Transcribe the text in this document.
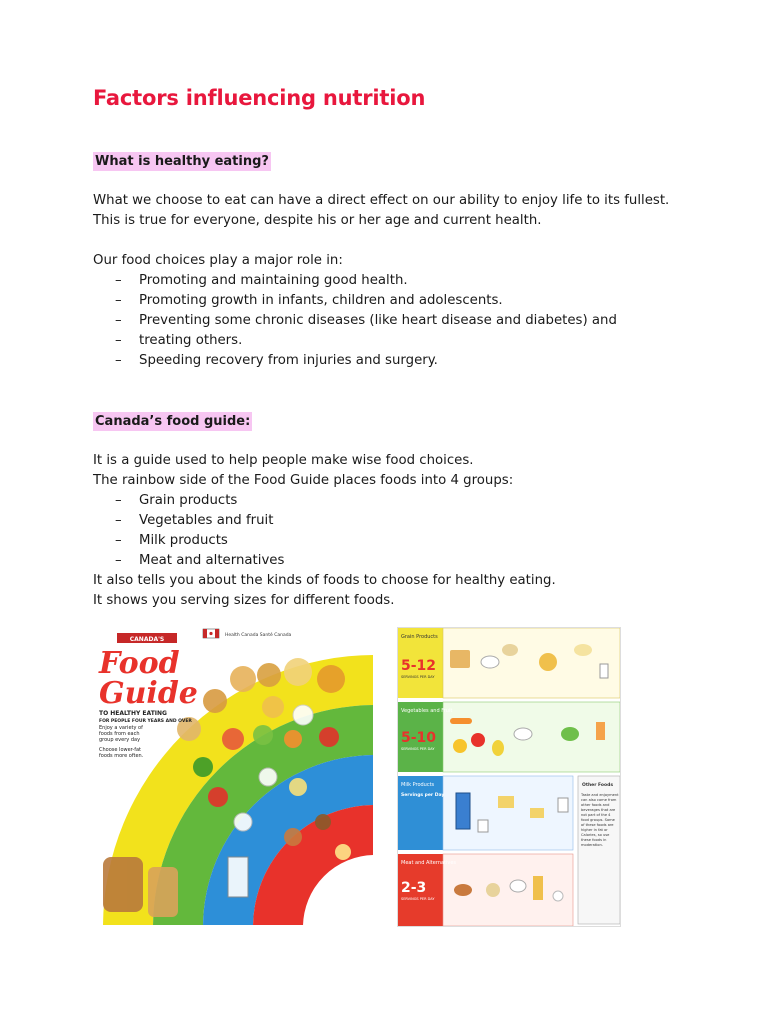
Factors influencing nutrition
What is healthy eating?

What we choose to eat can have a direct effect on our ability to enjoy life to its fullest.

This is true for everyone, despite his or her age and current health.

Our food choices play a major role in:

– Promoting and maintaining good health.
– Promoting growth in infants, children and adolescents.
– Preventing some chronic diseases (like heart disease and diabetes) and
– treating others.
– Speeding recovery from injuries and surgery.
Canada’s food guide:

It is a guide used to help people make wise food choices.

The rainbow side of the Food Guide places foods into 4 groups:

– Grain products
– Vegetables and fruit
– Milk products
– Meat and alternatives

It also tells you about the kinds of foods to choose for healthy eating.

It shows you serving sizes for different foods.

CANADA'S
Food
Guide
TO HEALTHY EATING
FOR PEOPLE FOUR YEARS AND OVER
Enjoy a variety of foods from each group every day
Choose lower-fat foods more often.
Health Canada Santé Canada	Grain Products
5-12
SERVINGS PER DAY
Vegetables and Fruit
5-10
SERVINGS PER DAY
Milk Products
Servings per Day
Other Foods
Taste and enjoyment can also come from other foods and beverages that are not part of the 4 food groups. Some of these foods are higher in fat or Calories, so use these foods in moderation.
Meat and Alternatives
2-3
SERVINGS PER DAY
